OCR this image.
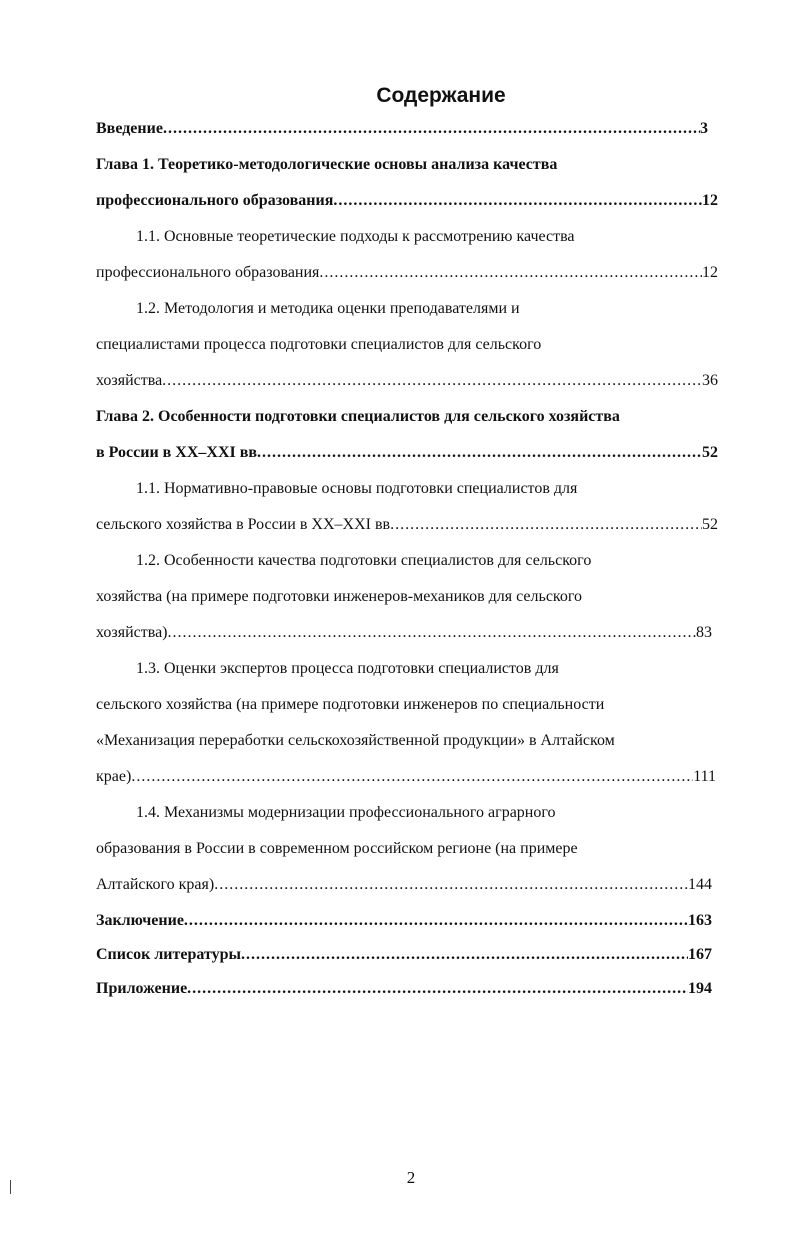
Содержание
Введение .....	3
Глава 1. Теоретико-методологические основы анализа качества
профессионального образования .....	12
1.1. Основные теоретические подходы к рассмотрению качества
профессионального образования .....	12
1.2. Методология и методика оценки преподавателями и
специалистами процесса подготовки специалистов для сельского
хозяйства .....	36
Глава 2. Особенности подготовки специалистов для сельского хозяйства
в России в XX–XXI вв .....	52
1.1. Нормативно-правовые основы подготовки специалистов для
сельского хозяйства в России в XX–XXI вв .....	52
1.2. Особенности качества подготовки специалистов для сельского
хозяйства (на примере подготовки инженеров-механиков для сельского
хозяйства) .....	83
1.3. Оценки экспертов процесса подготовки специалистов для
сельского хозяйства (на примере подготовки инженеров по специальности
«Механизация переработки сельскохозяйственной продукции» в Алтайском
крае) .....	111
1.4. Механизмы модернизации профессионального аграрного
образования в России в современном российском регионе (на примере
Алтайского края) .....	144
Заключение .....	163
Список литературы .....	167
Приложение .....	194
2
